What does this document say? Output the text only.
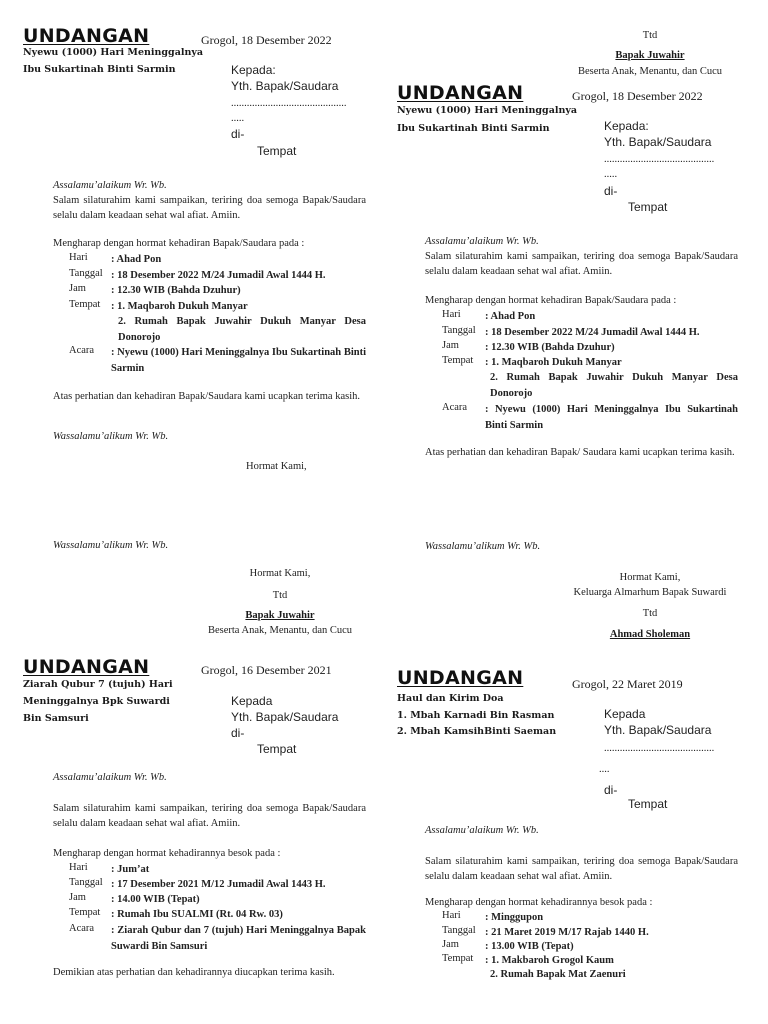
UNDANGAN	Grogol, 18 Desember 2022
Nyewu (1000) Hari Meninggalnya
Ibu Sukartinah Binti Sarmin	Kepada:
Yth. Bapak/Saudara
............................................
.....
di-
Tempat
Assalamu’alaikum Wr. Wb.
Salam silaturahim kami sampaikan, teriring doa semoga Bapak/Saudara selalu dalam keadaan sehat wal afiat. Amiin.
Mengharap dengan hormat kehadiran Bapak/Saudara pada :
Hari : Ahad Pon
Tanggal : 18 Desember 2022 M/24 Jumadil Awal 1444 H.
Jam : 12.30 WIB (Bahda Dzuhur)
Tempat : 1. Maqbaroh Dukuh Manyar
2. Rumah Bapak Juwahir Dukuh Manyar Desa Donorojo
Acara : Nyewu (1000) Hari Meninggalnya Ibu Sukartinah Binti Sarmin
Atas perhatian dan kehadiran Bapak/Saudara kami ucapkan terima kasih.
Wassalamu’alikum Wr. Wb.
Hormat Kami,
Ttd
Bapak Juwahir
Beserta Anak, Menantu, dan Cucu
UNDANGAN	Grogol, 18 Desember 2022
Nyewu (1000) Hari Meninggalnya
Ibu Sukartinah Binti Sarmin	Kepada:
Yth. Bapak/Saudara
..........................................
.....
di-
Tempat
Assalamu’alaikum Wr. Wb.
Salam silaturahim kami sampaikan, teriring doa semoga Bapak/Saudara selalu dalam keadaan sehat wal afiat. Amiin.
Mengharap dengan hormat kehadiran Bapak/Saudara pada :
Hari : Ahad Pon
Tanggal : 18 Desember 2022 M/24 Jumadil Awal 1444 H.
Jam : 12.30 WIB (Bahda Dzuhur)
Tempat : 1. Maqbaroh Dukuh Manyar
2. Rumah Bapak Juwahir Dukuh Manyar Desa Donorojo
Acara : Nyewu (1000) Hari Meninggalnya Ibu Sukartinah Binti Sarmin
Atas perhatian dan kehadiran Bapak/ Saudara kami ucapkan terima kasih.
Wassalamu’alikum Wr. Wb.
Hormat Kami,
Keluarga Almarhum Bapak Suwardi
Ttd
Ahmad Sholeman
Wassalamu’alikum Wr. Wb.
Hormat Kami,
Ttd
Bapak Juwahir
Beserta Anak, Menantu, dan Cucu
UNDANGAN	Grogol, 16 Desember 2021
Ziarah Qubur 7 (tujuh) Hari
Meninggalnya Bpk Suwardi
Bin Samsuri
Kepada
Yth. Bapak/Saudara
di-
Tempat
Assalamu’alaikum Wr. Wb.
Salam silaturahim kami sampaikan, teriring doa semoga Bapak/Saudara selalu dalam keadaan sehat wal afiat. Amiin.
Mengharap dengan hormat kehadirannya besok pada :
Hari : Jum’at
Tanggal : 17 Desember 2021 M/12 Jumadil Awal 1443 H.
Jam : 14.00 WIB (Tepat)
Tempat : Rumah Ibu SUALMI (Rt. 04 Rw. 03)
Acara : Ziarah Qubur dan 7 (tujuh) Hari Meninggalnya Bapak Suwardi Bin Samsuri
Demikian atas perhatian dan kehadirannya diucapkan terima kasih.
UNDANGAN	Grogol, 22 Maret 2019
Haul dan Kirim Doa
1. Mbah Karnadi Bin Rasman
2. Mbah KamsihBinti Saeman
Kepada
Yth. Bapak/Saudara
..........................................
....
di-
Tempat
Assalamu’alaikum Wr. Wb.
Salam silaturahim kami sampaikan, teriring doa semoga Bapak/Saudara selalu dalam keadaan sehat wal afiat. Amiin.
Mengharap dengan hormat kehadirannya besok pada :
Hari : Minggupon
Tanggal : 21 Maret 2019 M/17 Rajab 1440 H.
Jam : 13.00 WIB (Tepat)
Tempat : 1. Makbaroh Grogol Kaum
2. Rumah Bapak Mat Zaenuri
